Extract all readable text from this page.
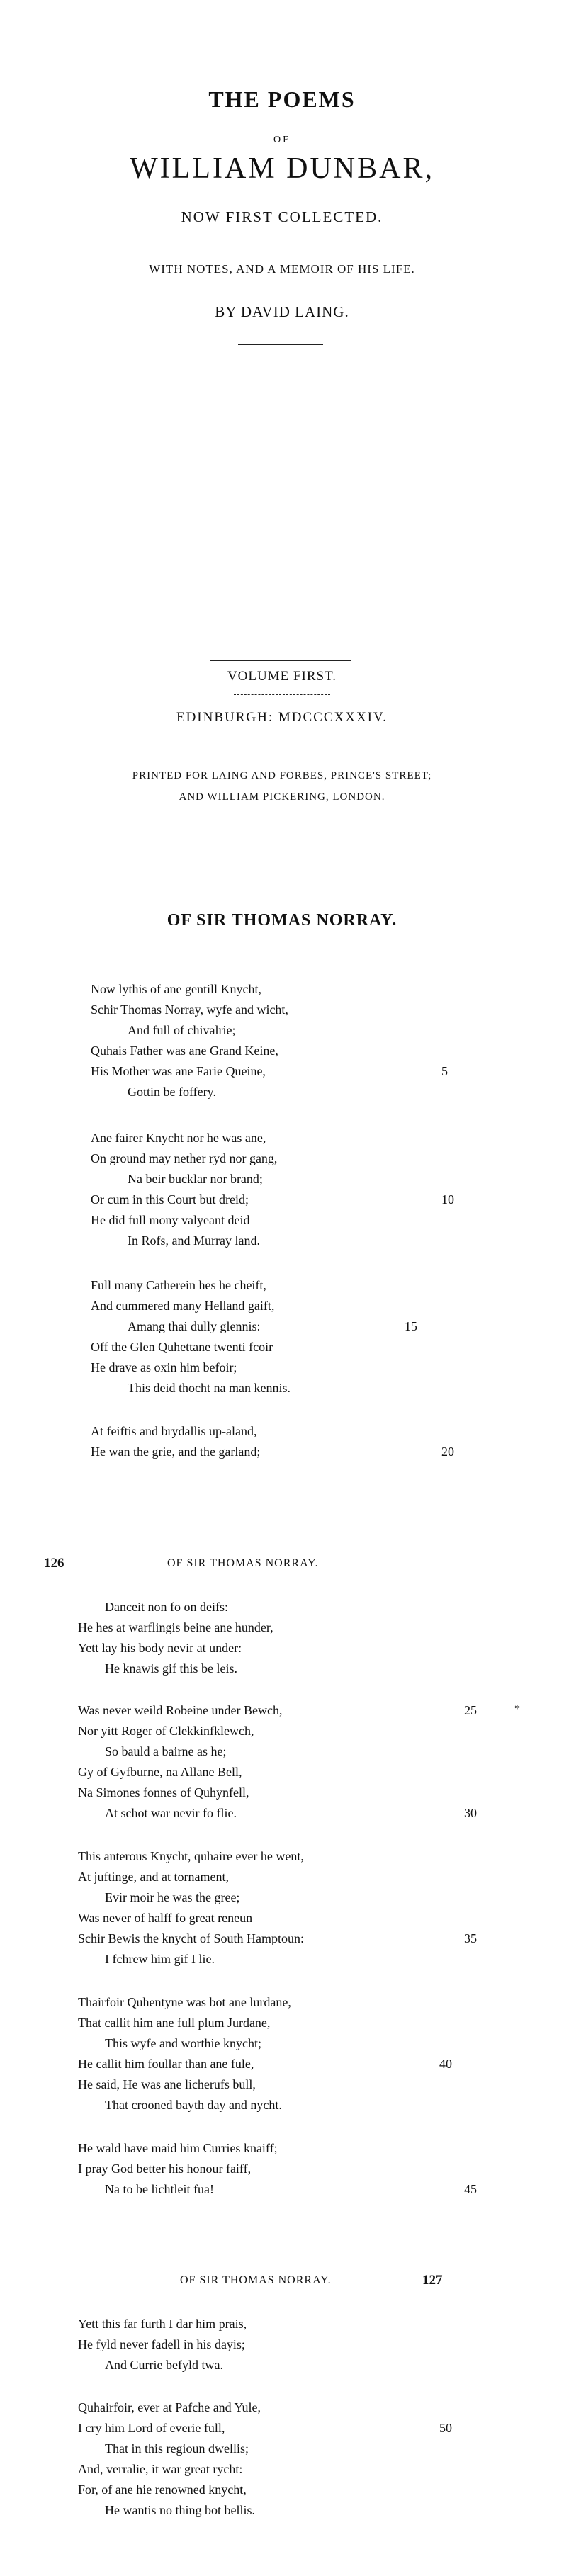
THE POEMS
OF
WILLIAM DUNBAR,
NOW FIRST COLLECTED.
WITH NOTES, AND A MEMOIR OF HIS LIFE.
BY DAVID LAING.
VOLUME FIRST.
EDINBURGH: MDCCCXXXIV.
PRINTED FOR LAING AND FORBES, PRINCE'S STREET;
AND WILLIAM PICKERING, LONDON.
OF SIR THOMAS NORRAY.
Now lythis of ane gentill Knycht,
Schir Thomas Norray, wyfe and wicht,
And full of chivalrie;
Quhais Father was ane Grand Keine,
His Mother was ane Farie Queine,	5
Gottin be foffery.
Ane fairer Knycht nor he was ane,
On ground may nether ryd nor gang,
Na beir bucklar nor brand;
Or cum in this Court but dreid;	10
He did full mony valyeant deid
In Rofs, and Murray land.
Full many Catherein hes he cheift,
And cummered many Helland gaift,
Amang thai dully glennis:	15
Off the Glen Quhettane twenti fcoir
He drave as oxin him befoir;
This deid thocht na man kennis.
At feiftis and brydallis up-aland,
He wan the grie, and the garland;	20
126	OF SIR THOMAS NORRAY.
Danceit non fo on deifs:
He hes at warflingis beine ane hunder,
Yett lay his body nevir at under:
He knawis gif this be leis.
Was never weild Robeine under Bewch,	25
Nor yitt Roger of Clekkinfklewch,
So bauld a bairne as he;
Gy of Gyfburne, na Allane Bell,
Na Simones fonnes of Quhynfell,
At schot war nevir fo flie.	30
*
This anterous Knycht, quhaire ever he went,
At juftinge, and at tornament,
Evir moir he was the gree;
Was never of halff fo great reneun
Schir Bewis the knycht of South Hamptoun:	35
I fchrew him gif I lie.
Thairfoir Quhentyne was bot ane lurdane,
That callit him ane full plum Jurdane,
This wyfe and worthie knycht;
He callit him foullar than ane fule,	40
He said, He was ane licherufs bull,
That crooned bayth day and nycht.
He wald have maid him Curries knaiff;
I pray God better his honour faiff,
Na to be lichtleit fua!	45
OF SIR THOMAS NORRAY.	127
Yett this far furth I dar him prais,
He fyld never fadell in his dayis;
And Currie befyld twa.
Quhairfoir, ever at Pafche and Yule,
I cry him Lord of everie full,	50
That in this regioun dwellis;
And, verralie, it war great rycht:
For, of ane hie renowned knycht,
He wantis no thing bot bellis.
